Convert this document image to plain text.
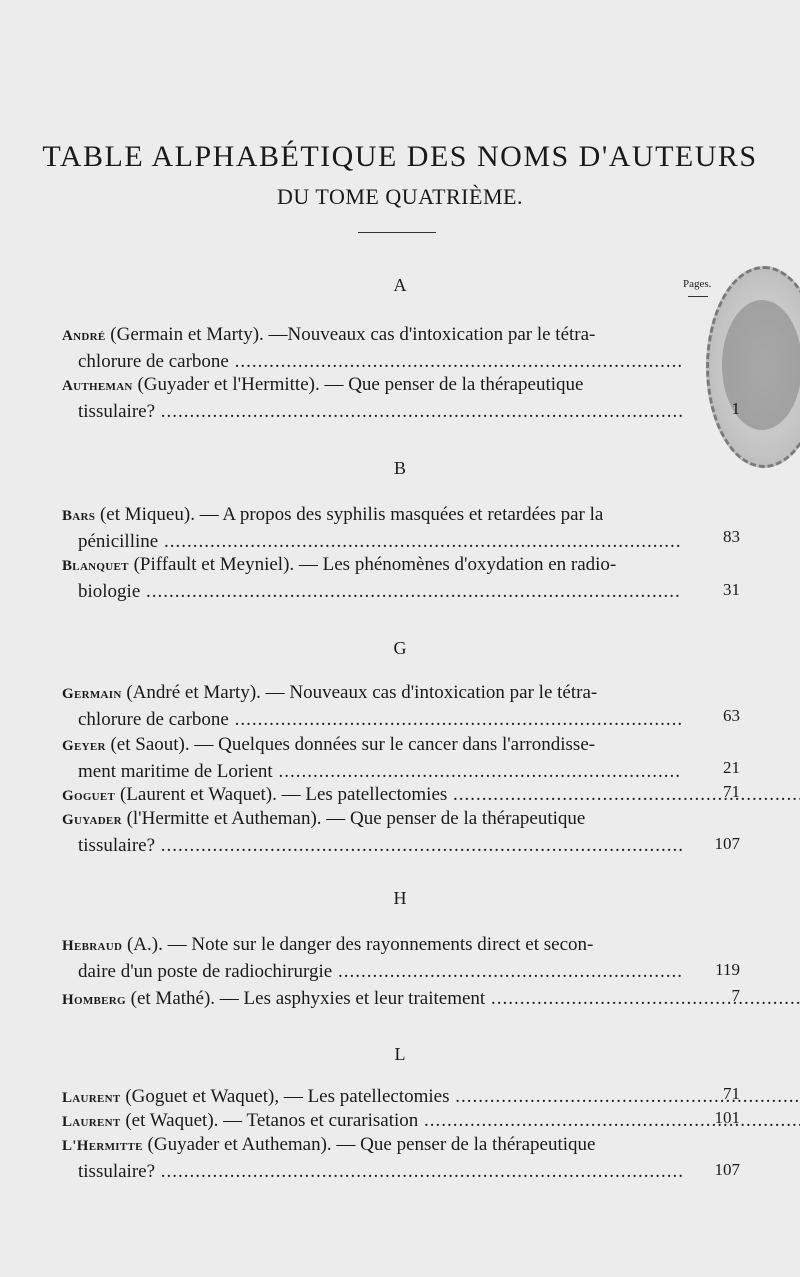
TABLE ALPHABÉTIQUE DES NOMS D'AUTEURS
DU TOME QUATRIÈME.
Pages.
A
André (Germain et Marty). —Nouveaux cas d'intoxication par le tétra-
chlorure de carbone .....
Autheman (Guyader et l'Hermitte). — Que penser de la thérapeutique
tissulaire? .....	1
B
Bars (et Miqueu). — A propos des syphilis masquées et retardées par la
pénicilline .....	83
Blanquet (Piffault et Meyniel). — Les phénomènes d'oxydation en radio-
biologie .....	31
G
Germain (André et Marty). — Nouveaux cas d'intoxication par le tétra-
chlorure de carbone .....	63
Geyer (et Saout). — Quelques données sur le cancer dans l'arrondisse-
ment maritime de Lorient .....	21
Goguet (Laurent et Waquet). — Les patellectomies .....	71
Guyader (l'Hermitte et Autheman). — Que penser de la thérapeutique
tissulaire? .....	107
H
Hebraud (A.). — Note sur le danger des rayonnements direct et secon-
daire d'un poste de radiochirurgie .....	119
Homberg (et Mathé). — Les asphyxies et leur traitement .....	7
L
Laurent (Goguet et Waquet), — Les patellectomies .....	71
Laurent (et Waquet). — Tetanos et curarisation .....	101
L'Hermitte (Guyader et Autheman). — Que penser de la thérapeutique
tissulaire? .....	107
